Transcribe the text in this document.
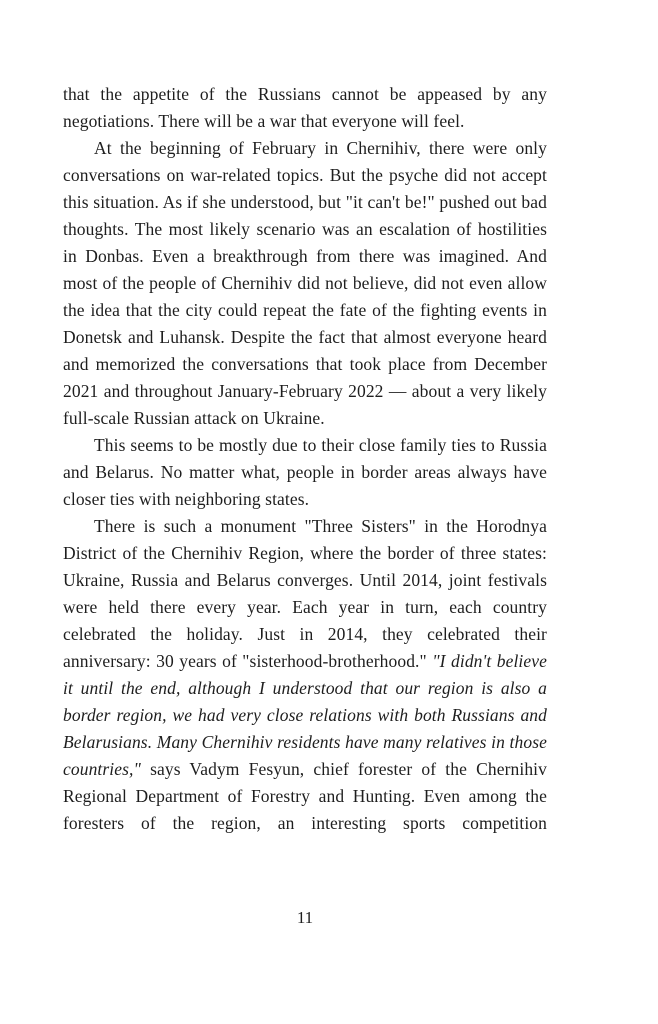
that the appetite of the Russians cannot be appeased by any negotiations. There will be a war that everyone will feel.

At the beginning of February in Chernihiv, there were only conversations on war-related topics. But the psyche did not accept this situation. As if she understood, but "it can't be!" pushed out bad thoughts. The most likely scenario was an escalation of hostilities in Donbas. Even a breakthrough from there was imagined. And most of the people of Chernihiv did not believe, did not even allow the idea that the city could repeat the fate of the fighting events in Donetsk and Luhansk. Despite the fact that almost everyone heard and memorized the conversations that took place from December 2021 and throughout January-February 2022 — about a very likely full-scale Russian attack on Ukraine.

This seems to be mostly due to their close family ties to Russia and Belarus. No matter what, people in border areas always have closer ties with neighboring states.

There is such a monument "Three Sisters" in the Horodnya District of the Chernihiv Region, where the border of three states: Ukraine, Russia and Belarus converges. Until 2014, joint festivals were held there every year. Each year in turn, each country celebrated the holiday. Just in 2014, they celebrated their anniversary: 30 years of "sisterhood-brotherhood." "I didn't believe it until the end, although I understood that our region is also a border region, we had very close relations with both Russians and Belarusians. Many Chernihiv residents have many relatives in those countries," says Vadym Fesyun, chief forester of the Chernihiv Regional Department of Forestry and Hunting. Even among the foresters of the region, an interesting sports competition

11
